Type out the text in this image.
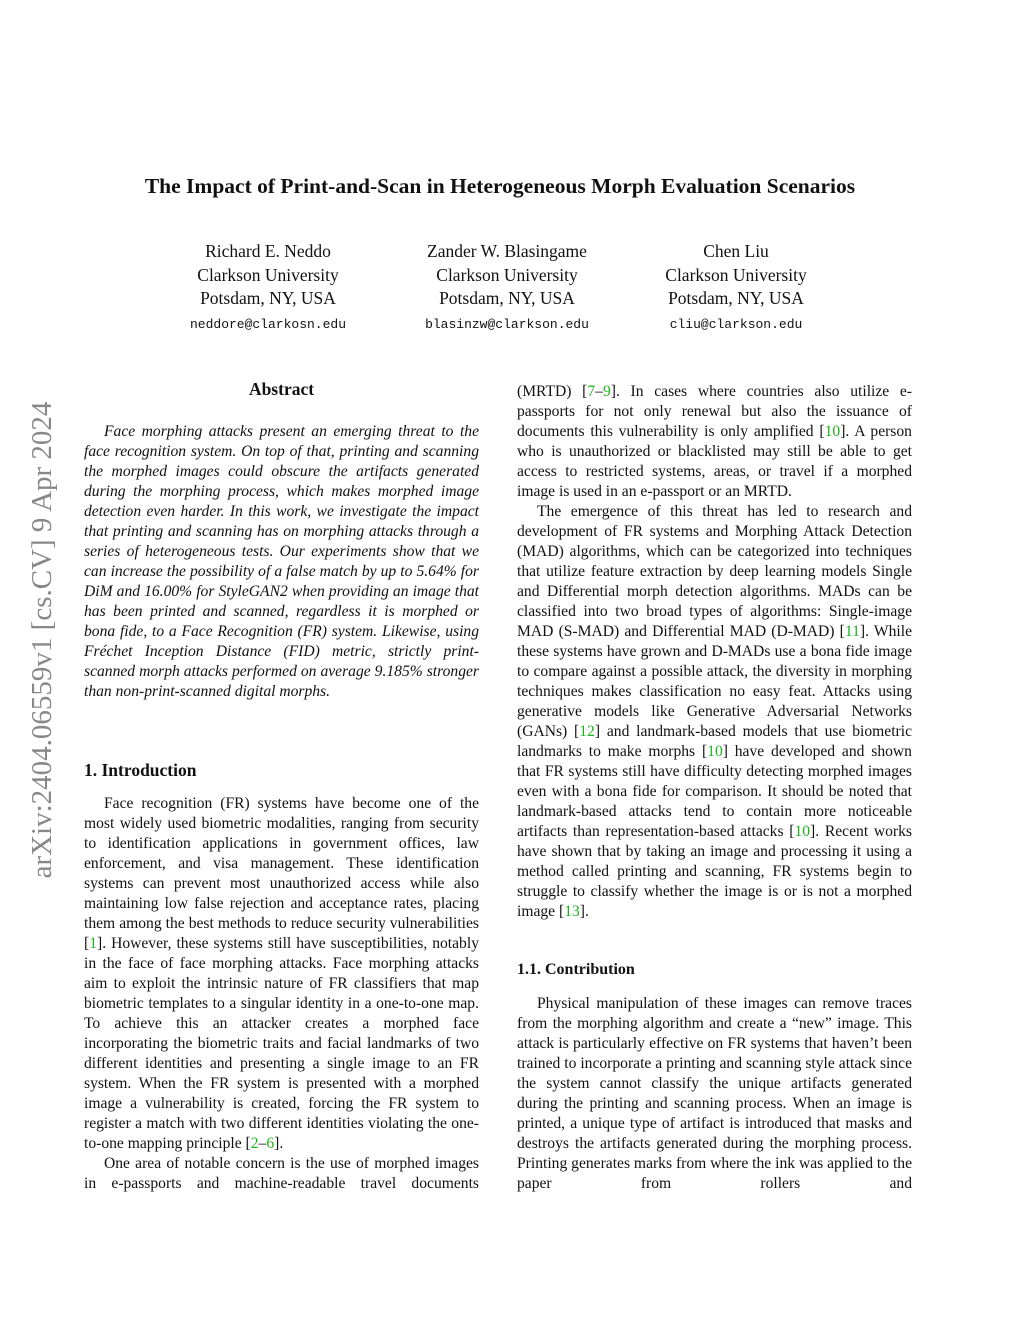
arXiv:2404.06559v1 [cs.CV] 9 Apr 2024
The Impact of Print-and-Scan in Heterogeneous Morph Evaluation Scenarios
Richard E. Neddo
Clarkson University
Potsdam, NY, USA
neddore@clarkosn.edu
Zander W. Blasingame
Clarkson University
Potsdam, NY, USA
blasinzw@clarkson.edu
Chen Liu
Clarkson University
Potsdam, NY, USA
cliu@clarkson.edu
Abstract

Face morphing attacks present an emerging threat to the face recognition system. On top of that, printing and scanning the morphed images could obscure the artifacts generated during the morphing process, which makes morphed image detection even harder. In this work, we investigate the impact that printing and scanning has on morphing attacks through a series of heterogeneous tests. Our experiments show that we can increase the possibility of a false match by up to 5.64% for DiM and 16.00% for StyleGAN2 when providing an image that has been printed and scanned, regardless it is morphed or bona fide, to a Face Recognition (FR) system. Likewise, using Fréchet Inception Distance (FID) metric, strictly print-scanned morph attacks performed on average 9.185% stronger than non-print-scanned digital morphs.

1. Introduction

Face recognition (FR) systems have become one of the most widely used biometric modalities, ranging from security to identification applications in government offices, law enforcement, and visa management. These identification systems can prevent most unauthorized access while also maintaining low false rejection and acceptance rates, placing them among the best methods to reduce security vulnerabilities [1]. However, these systems still have susceptibilities, notably in the face of face morphing attacks. Face morphing attacks aim to exploit the intrinsic nature of FR classifiers that map biometric templates to a singular identity in a one-to-one map. To achieve this an attacker creates a morphed face incorporating the biometric traits and facial landmarks of two different identities and presenting a single image to an FR system. When the FR system is presented with a morphed image a vulnerability is created, forcing the FR system to register a match with two different identities violating the one-to-one mapping principle [2–6].

One area of notable concern is the use of morphed images in e-passports and machine-readable travel documents

(MRTD) [7–9]. In cases where countries also utilize e-passports for not only renewal but also the issuance of documents this vulnerability is only amplified [10]. A person who is unauthorized or blacklisted may still be able to get access to restricted systems, areas, or travel if a morphed image is used in an e-passport or an MRTD.

The emergence of this threat has led to research and development of FR systems and Morphing Attack Detection (MAD) algorithms, which can be categorized into techniques that utilize feature extraction by deep learning models Single and Differential morph detection algorithms. MADs can be classified into two broad types of algorithms: Single-image MAD (S-MAD) and Differential MAD (D-MAD) [11]. While these systems have grown and D-MADs use a bona fide image to compare against a possible attack, the diversity in morphing techniques makes classification no easy feat. Attacks using generative models like Generative Adversarial Networks (GANs) [12] and landmark-based models that use biometric landmarks to make morphs [10] have developed and shown that FR systems still have difficulty detecting morphed images even with a bona fide for comparison. It should be noted that landmark-based attacks tend to contain more noticeable artifacts than representation-based attacks [10]. Recent works have shown that by taking an image and processing it using a method called printing and scanning, FR systems begin to struggle to classify whether the image is or is not a morphed image [13].

1.1. Contribution

Physical manipulation of these images can remove traces from the morphing algorithm and create a “new” image. This attack is particularly effective on FR systems that haven’t been trained to incorporate a printing and scanning style attack since the system cannot classify the unique artifacts generated during the printing and scanning process. When an image is printed, a unique type of artifact is introduced that masks and destroys the artifacts generated during the morphing process. Printing generates marks from where the ink was applied to the paper from rollers and
